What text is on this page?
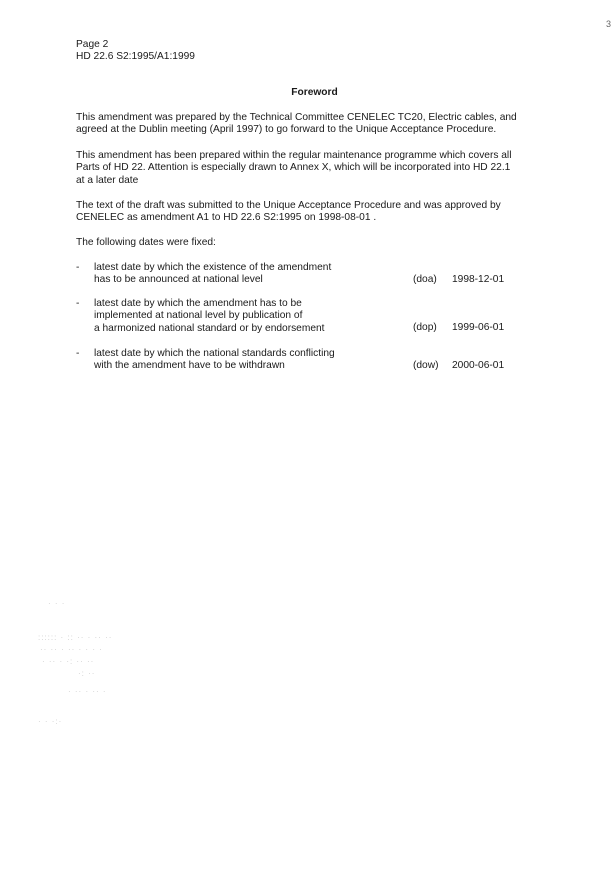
Page 2
HD 22.6 S2:1995/A1:1999
3
Foreword
This amendment was prepared by the Technical Committee CENELEC TC20, Electric cables, and
agreed at the Dublin meeting (April 1997) to go forward to the Unique Acceptance Procedure.
This amendment has been prepared within the regular maintenance programme which covers all
Parts of HD 22. Attention is especially drawn to Annex X, which will be incorporated into HD 22.1
at a later date
The text of the draft was submitted to the Unique Acceptance Procedure and was approved by
CENELEC as amendment A1 to HD 22.6 S2:1995 on 1998-08-01 .
The following dates were fixed:
- latest date by which the existence of the amendment
has to be announced at national level	(doa) 1998-12-01
- latest date by which the amendment has to be
implemented at national level by publication of
a harmonized national standard or by endorsement	(dop) 1999-06-01
- latest date by which the national standards conflicting
with the amendment have to be withdrawn	(dow) 2000-06-01
· · ·
:::::: · :: ·· · ·· ··
·· ·· · ·· · · · ·
· ·· · ·: ·· ··
·: ··
· ·· · ·· ·
· · ·:·
